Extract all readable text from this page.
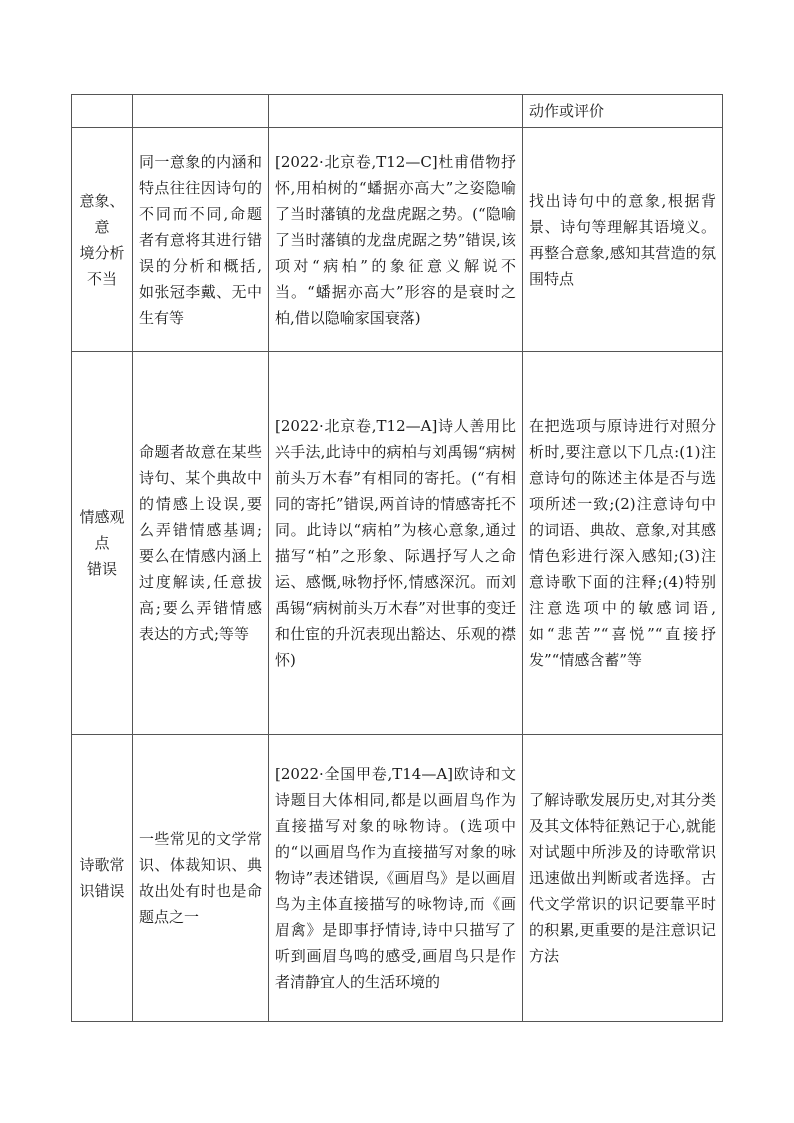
			动作或评价

意象、意
境分析
不当	同一意象的内涵和特点往往因诗句的不同而不同,命题者有意将其进行错误的分析和概括,如张冠李戴、无中生有等	[2022·北京卷,T12—C]杜甫借物抒怀,用柏树的“蟠据亦高大”之姿隐喻了当时藩镇的龙盘虎踞之势。(“隐喻了当时藩镇的龙盘虎踞之势”错误,该项对“病柏”的象征意义解说不当。“蟠据亦高大”形容的是衰时之柏,借以隐喻家国衰落)	找出诗句中的意象,根据背景、诗句等理解其语境义。再整合意象,感知其营造的氛围特点

情感观
点
错误	命题者故意在某些诗句、某个典故中的情感上设误,要么弄错情感基调;要么在情感内涵上过度解读,任意拔高;要么弄错情感表达的方式;等等	[2022·北京卷,T12—A]诗人善用比兴手法,此诗中的病柏与刘禹锡“病树前头万木春”有相同的寄托。(“有相同的寄托”错误,两首诗的情感寄托不同。此诗以“病柏”为核心意象,通过描写“柏”之形象、际遇抒写人之命运、感慨,咏物抒怀,情感深沉。而刘禹锡“病树前头万木春”对世事的变迁和仕宦的升沉表现出豁达、乐观的襟怀)	在把选项与原诗进行对照分析时,要注意以下几点:(1)注意诗句的陈述主体是否与选项所述一致;(2)注意诗句中的词语、典故、意象,对其感情色彩进行深入感知;(3)注意诗歌下面的注释;(4)特别注意选项中的敏感词语,如“悲苦”“喜悦”“直接抒发”“情感含蓄”等

诗歌常
识错误	一些常见的文学常识、体裁知识、典故出处有时也是命题点之一	[2022·全国甲卷,T14—A]欧诗和文诗题目大体相同,都是以画眉鸟作为直接描写对象的咏物诗。(选项中的“以画眉鸟作为直接描写对象的咏物诗”表述错误,《画眉鸟》是以画眉鸟为主体直接描写的咏物诗,而《画眉禽》是即事抒情诗,诗中只描写了听到画眉鸟鸣的感受,画眉鸟只是作者清静宜人的生活环境的	了解诗歌发展历史,对其分类及其文体特征熟记于心,就能对试题中所涉及的诗歌常识迅速做出判断或者选择。古代文学常识的识记要靠平时的积累,更重要的是注意识记方法
